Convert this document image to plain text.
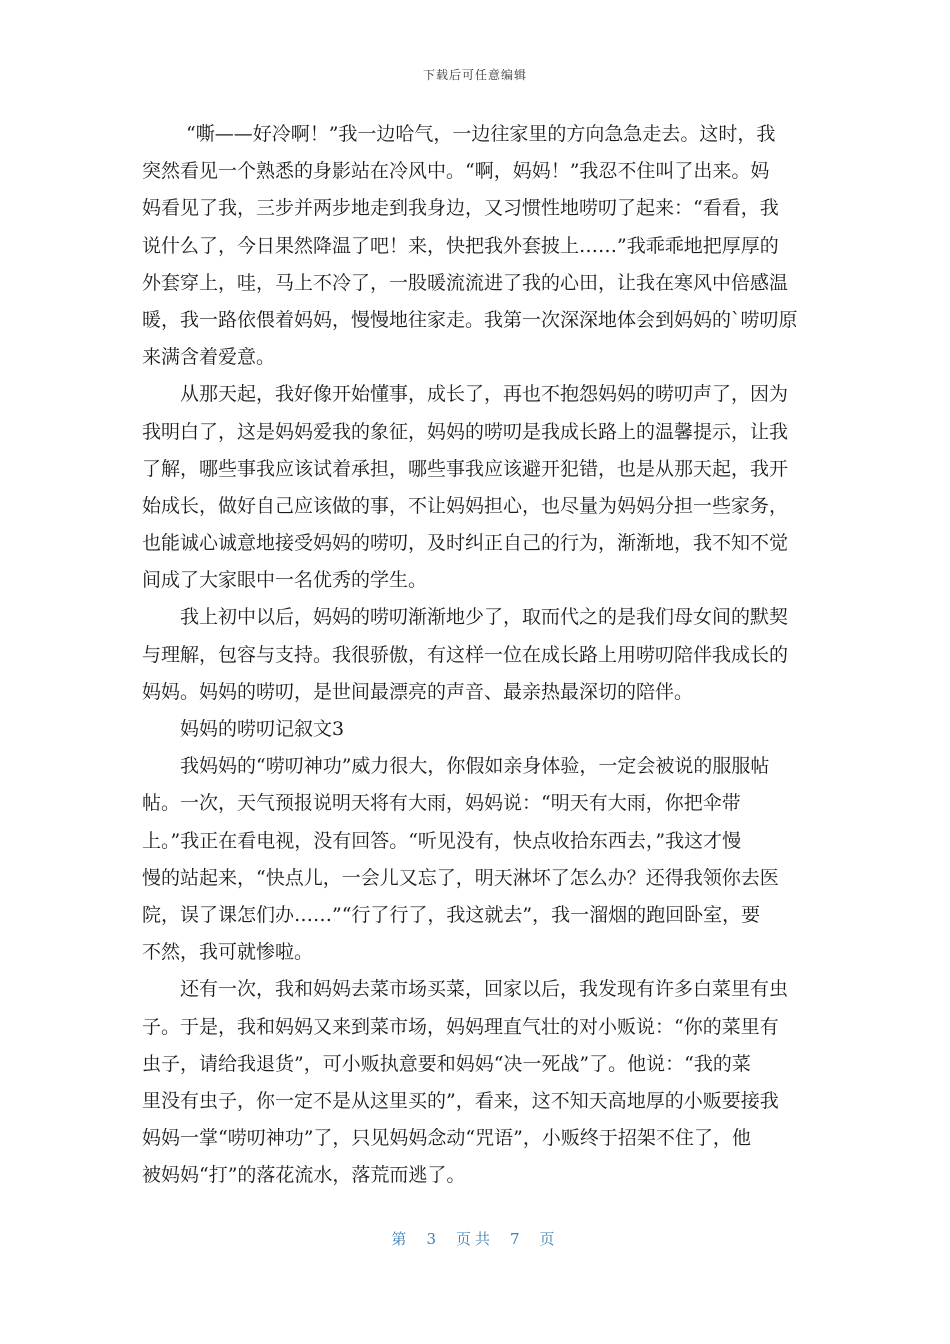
下载后可任意编辑
“嘶——好冷啊！”我一边哈气，一边往家里的方向急急走去。这时，我
突然看见一个熟悉的身影站在冷风中。“啊，妈妈！”我忍不住叫了出来。妈
妈看见了我，三步并两步地走到我身边，又习惯性地唠叨了起来：“看看，我
说什么了，今日果然降温了吧！来，快把我外套披上……”我乖乖地把厚厚的
外套穿上，哇，马上不冷了，一股暖流流进了我的心田，让我在寒风中倍感温
暖，我一路依偎着妈妈，慢慢地往家走。我第一次深深地体会到妈妈的`唠叨原
来满含着爱意。
从那天起，我好像开始懂事，成长了，再也不抱怨妈妈的唠叨声了，因为
我明白了，这是妈妈爱我的象征，妈妈的唠叨是我成长路上的温馨提示，让我
了解，哪些事我应该试着承担，哪些事我应该避开犯错，也是从那天起，我开
始成长，做好自己应该做的事，不让妈妈担心，也尽量为妈妈分担一些家务，
也能诚心诚意地接受妈妈的唠叨，及时纠正自己的行为，渐渐地，我不知不觉
间成了大家眼中一名优秀的学生。
我上初中以后，妈妈的唠叨渐渐地少了，取而代之的是我们母女间的默契
与理解，包容与支持。我很骄傲，有这样一位在成长路上用唠叨陪伴我成长的
妈妈。妈妈的唠叨，是世间最漂亮的声音、最亲热最深切的陪伴。
妈妈的唠叨记叙文3
我妈妈的“唠叨神功”威力很大，你假如亲身体验，一定会被说的服服帖
帖。一次，天气预报说明天将有大雨，妈妈说：“明天有大雨，你把伞带
上。”我正在看电视，没有回答。“听见没有，快点收拾东西去，”我这才慢
慢的站起来，“快点儿，一会儿又忘了，明天淋坏了怎么办？还得我领你去医
院，误了课怎们办……”“行了行了，我这就去”，我一溜烟的跑回卧室，要
不然，我可就惨啦。
还有一次，我和妈妈去菜市场买菜，回家以后，我发现有许多白菜里有虫
子。于是，我和妈妈又来到菜市场，妈妈理直气壮的对小贩说：“你的菜里有
虫子，请给我退货”，可小贩执意要和妈妈“决一死战”了。他说：“我的菜
里没有虫子，你一定不是从这里买的”，看来，这不知天高地厚的小贩要接我
妈妈一掌“唠叨神功”了，只见妈妈念动“咒语”，小贩终于招架不住了，他
被妈妈“打”的落花流水，落荒而逃了。
第 3 页共 7 页
